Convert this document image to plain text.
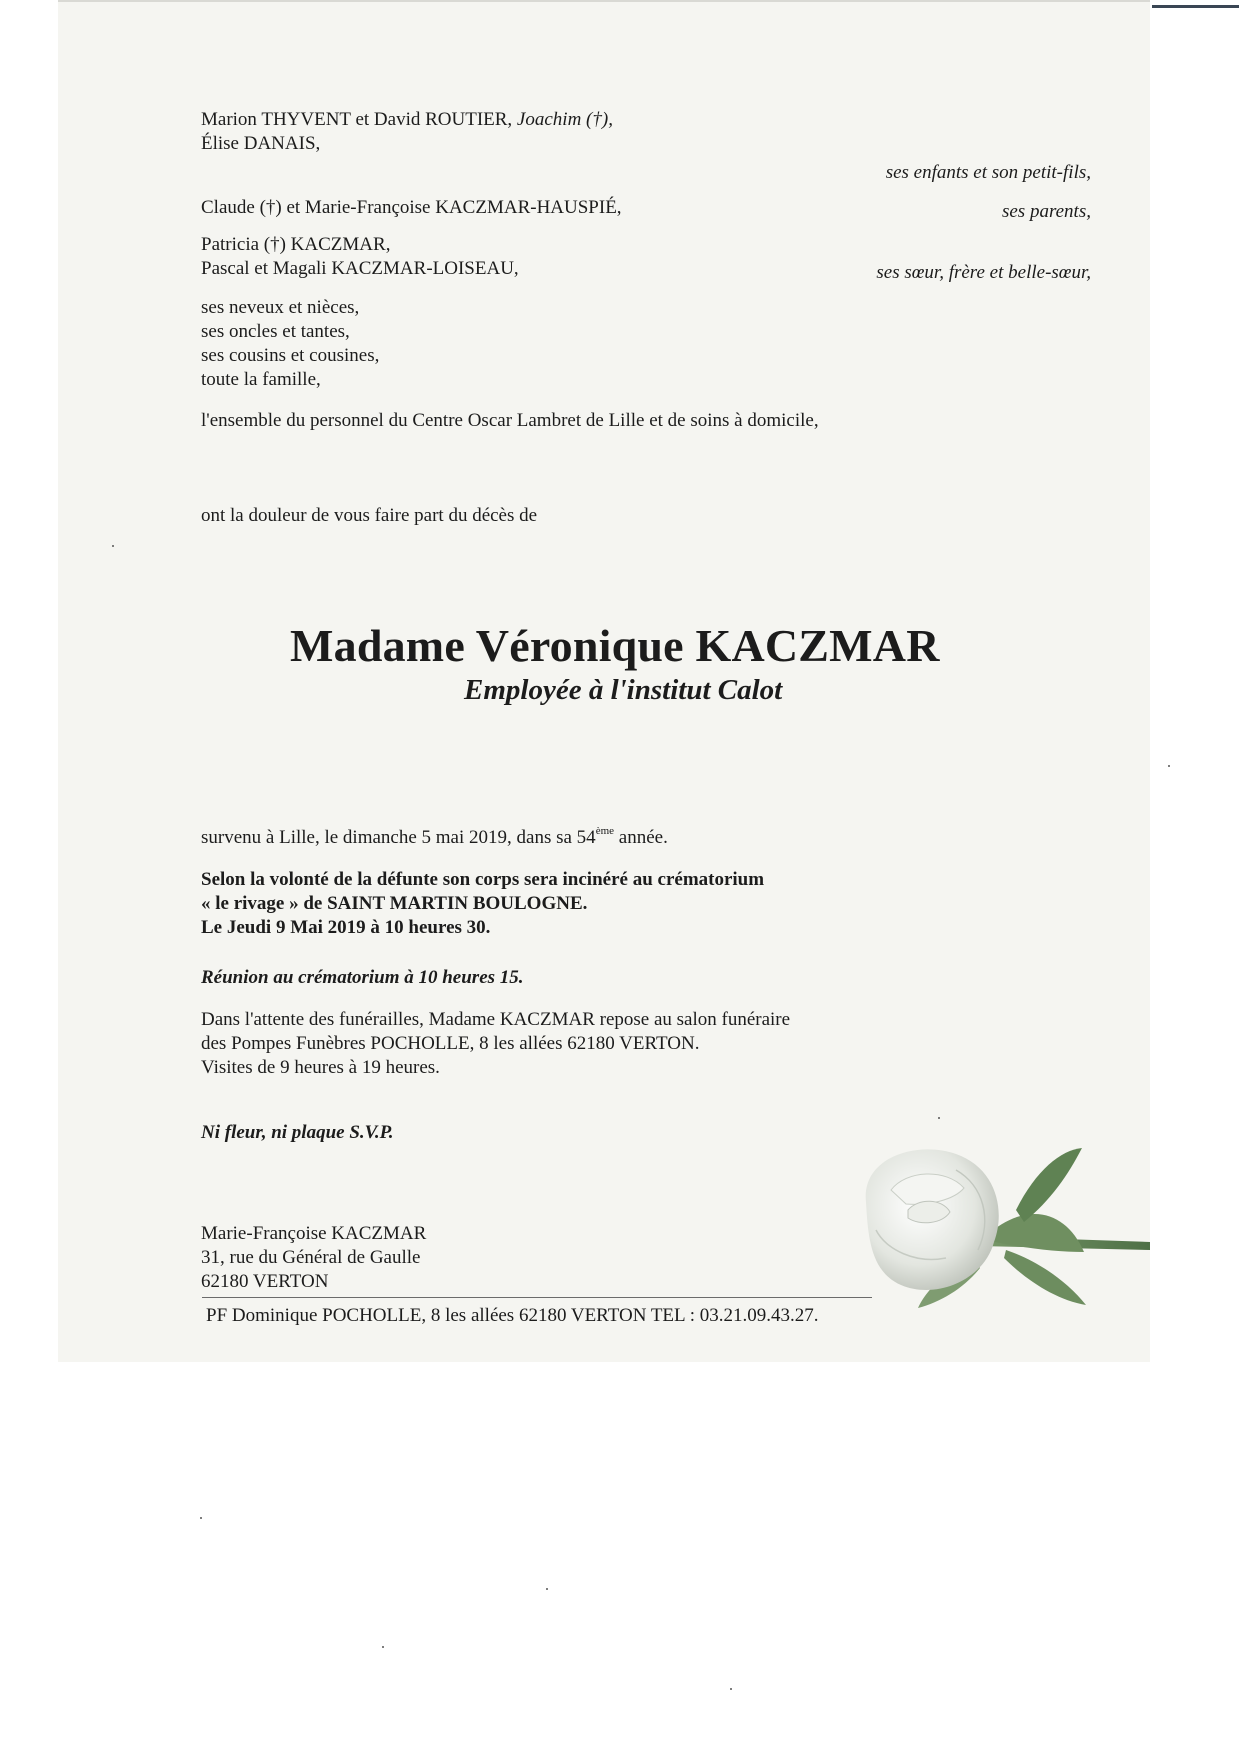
Marion THYVENT et David ROUTIER, Joachim (†),
Élise DANAIS,
ses enfants et son petit-fils,
Claude (†) et Marie-Françoise KACZMAR-HAUSPIÉ,	ses parents,
Patricia (†) KACZMAR,
Pascal et Magali KACZMAR-LOISEAU,	ses sœur, frère et belle-sœur,
ses neveux et nièces,
ses oncles et tantes,
ses cousins et cousines,
toute la famille,
l'ensemble du personnel du Centre Oscar Lambret de Lille et de soins à domicile,
ont la douleur de vous faire part du décès de
Madame Véronique KACZMAR
Employée à l'institut Calot
survenu à Lille, le dimanche 5 mai 2019, dans sa 54ème année.
Selon la volonté de la défunte son corps sera incinéré au crématorium
« le rivage » de SAINT MARTIN BOULOGNE.
Le Jeudi 9 Mai 2019 à 10 heures 30.
Réunion au crématorium à 10 heures 15.
Dans l'attente des funérailles, Madame KACZMAR repose au salon funéraire
des Pompes Funèbres POCHOLLE, 8 les allées 62180 VERTON.
Visites de 9 heures à 19 heures.
Ni fleur, ni plaque S.V.P.
Marie-Françoise KACZMAR
31, rue du Général de Gaulle
62180 VERTON
PF Dominique POCHOLLE, 8 les allées 62180 VERTON TEL : 03.21.09.43.27.
